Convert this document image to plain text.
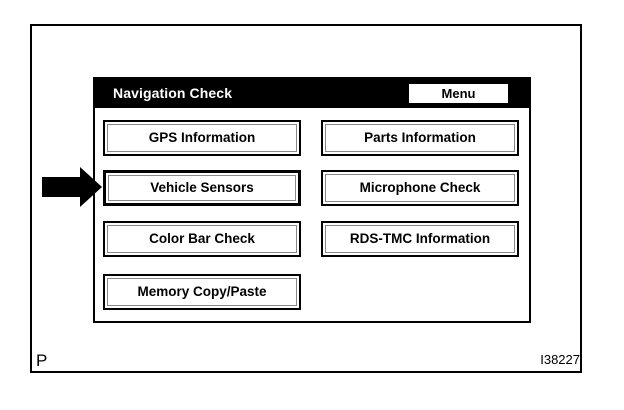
Navigation Check	Menu
GPS Information	Parts Information
Vehicle Sensors	Microphone Check
Color Bar Check	RDS-TMC Information
Memory Copy/Paste
P	I38227
